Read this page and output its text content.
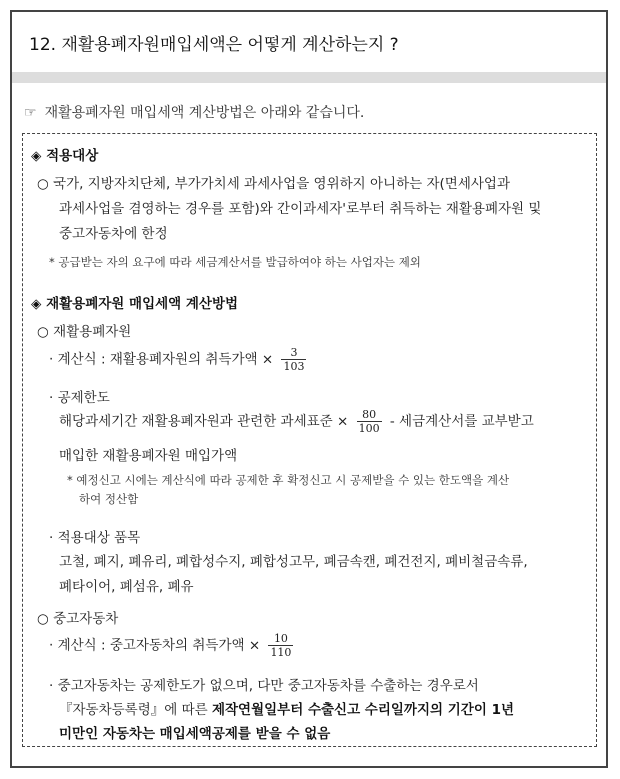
12. 재활용폐자원매입세액은 어떻게 계산하는지 ?
☞ 재활용폐자원 매입세액 계산방법은 아래와 같습니다.
◈ 적용대상
○ 국가, 지방자치단체, 부가가치세 과세사업을 영위하지 아니하는 자(면세사업과
과세사업을 겸영하는 경우를 포함)와 간이과세자'로부터 취득하는 재활용폐자원 및
중고자동차에 한정
* 공급받는 자의 요구에 따라 세금계산서를 발급하여야 하는 사업자는 제외
◈ 재활용폐자원 매입세액 계산방법
○ 재활용폐자원
· 계산식 : 재활용폐자원의 취득가액 × $\frac{3}{103}$
· 공제한도
해당과세기간 재활용폐자원과 관련한 과세표준 × $\frac{80}{100}$ - 세금계산서를 교부받고
매입한 재활용폐자원 매입가액
* 예정신고 시에는 계산식에 따라 공제한 후 확정신고 시 공제받을 수 있는 한도액을 계산
하여 정산함
· 적용대상 품목
고철, 폐지, 폐유리, 폐합성수지, 폐합성고무, 폐금속캔, 폐건전지, 폐비철금속류,
폐타이어, 폐섬유, 폐유
○ 중고자동차
· 계산식 : 중고자동차의 취득가액 × $\frac{10}{110}$
· 중고자동차는 공제한도가 없으며, 다만 중고자동차를 수출하는 경우로서
『자동차등록령』에 따른 제작연월일부터 수출신고 수리일까지의 기간이 1년
미만인 자동차는 매입세액공제를 받을 수 없음
